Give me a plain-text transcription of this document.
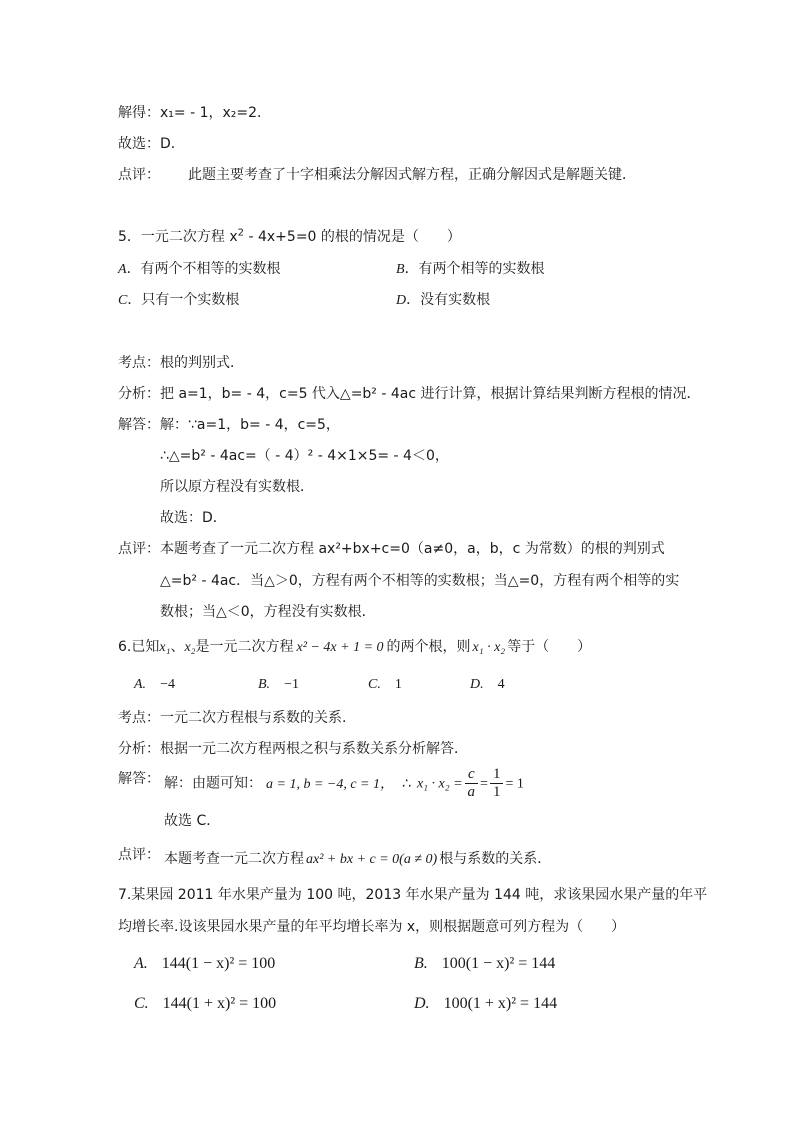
解得：x₁= - 1，x₂=2．
故选：D．
点评： 此题主要考查了十字相乘法分解因式解方程，正确分解因式是解题关键．
5．一元二次方程 $x^2 - 4x+5=0$ 的根的情况是（　　）
A．有两个不相等的实数根	B．有两个相等的实数根
C．只有一个实数根	D．没有实数根
考点：根的判别式．
分析：把 a=1，b= - 4，c=5 代入△=b² - 4ac 进行计算，根据计算结果判断方程根的情况．
解答：解：∵a=1，b= - 4，c=5，
∴△=b² - 4ac=（ - 4）² - 4×1×5= - 4＜0，
所以原方程没有实数根．
故选：D．
点评：本题考查了一元二次方程 ax²+bx+c=0（a≠0，a，b，c 为常数）的根的判别式
△=b² - 4ac．当△＞0，方程有两个不相等的实数根；当△=0，方程有两个相等的实
数根；当△＜0，方程没有实数根．
6.已知x₁、x₂是一元二次方程 x² − 4x + 1 = 0 的两个根，则 x₁ · x₂ 等于（　　）
A. −4	B. −1	C. 1	D. 4
考点：一元二次方程根与系数的关系.
分析：根据一元二次方程两根之积与系数关系分析解答．
解答： 解：由题可知： a = 1, b = −4, c = 1， ∴ $x_1 \cdot x_2 = \frac{c}{a} = \frac{1}{1} = 1$
故选 C．
点评： 本题考查一元二次方程 ax² + bx + c = 0(a ≠ 0) 根与系数的关系．
7.某果园 2011 年水果产量为 100 吨，2013 年水果产量为 144 吨，求该果园水果产量的年平
均增长率.设该果园水果产量的年平均增长率为 x，则根据题意可列方程为（　　）
A. 144(1 − x)² = 100	B. 100(1 − x)² = 144
C. 144(1 + x)² = 100	D. 100(1 + x)² = 144
